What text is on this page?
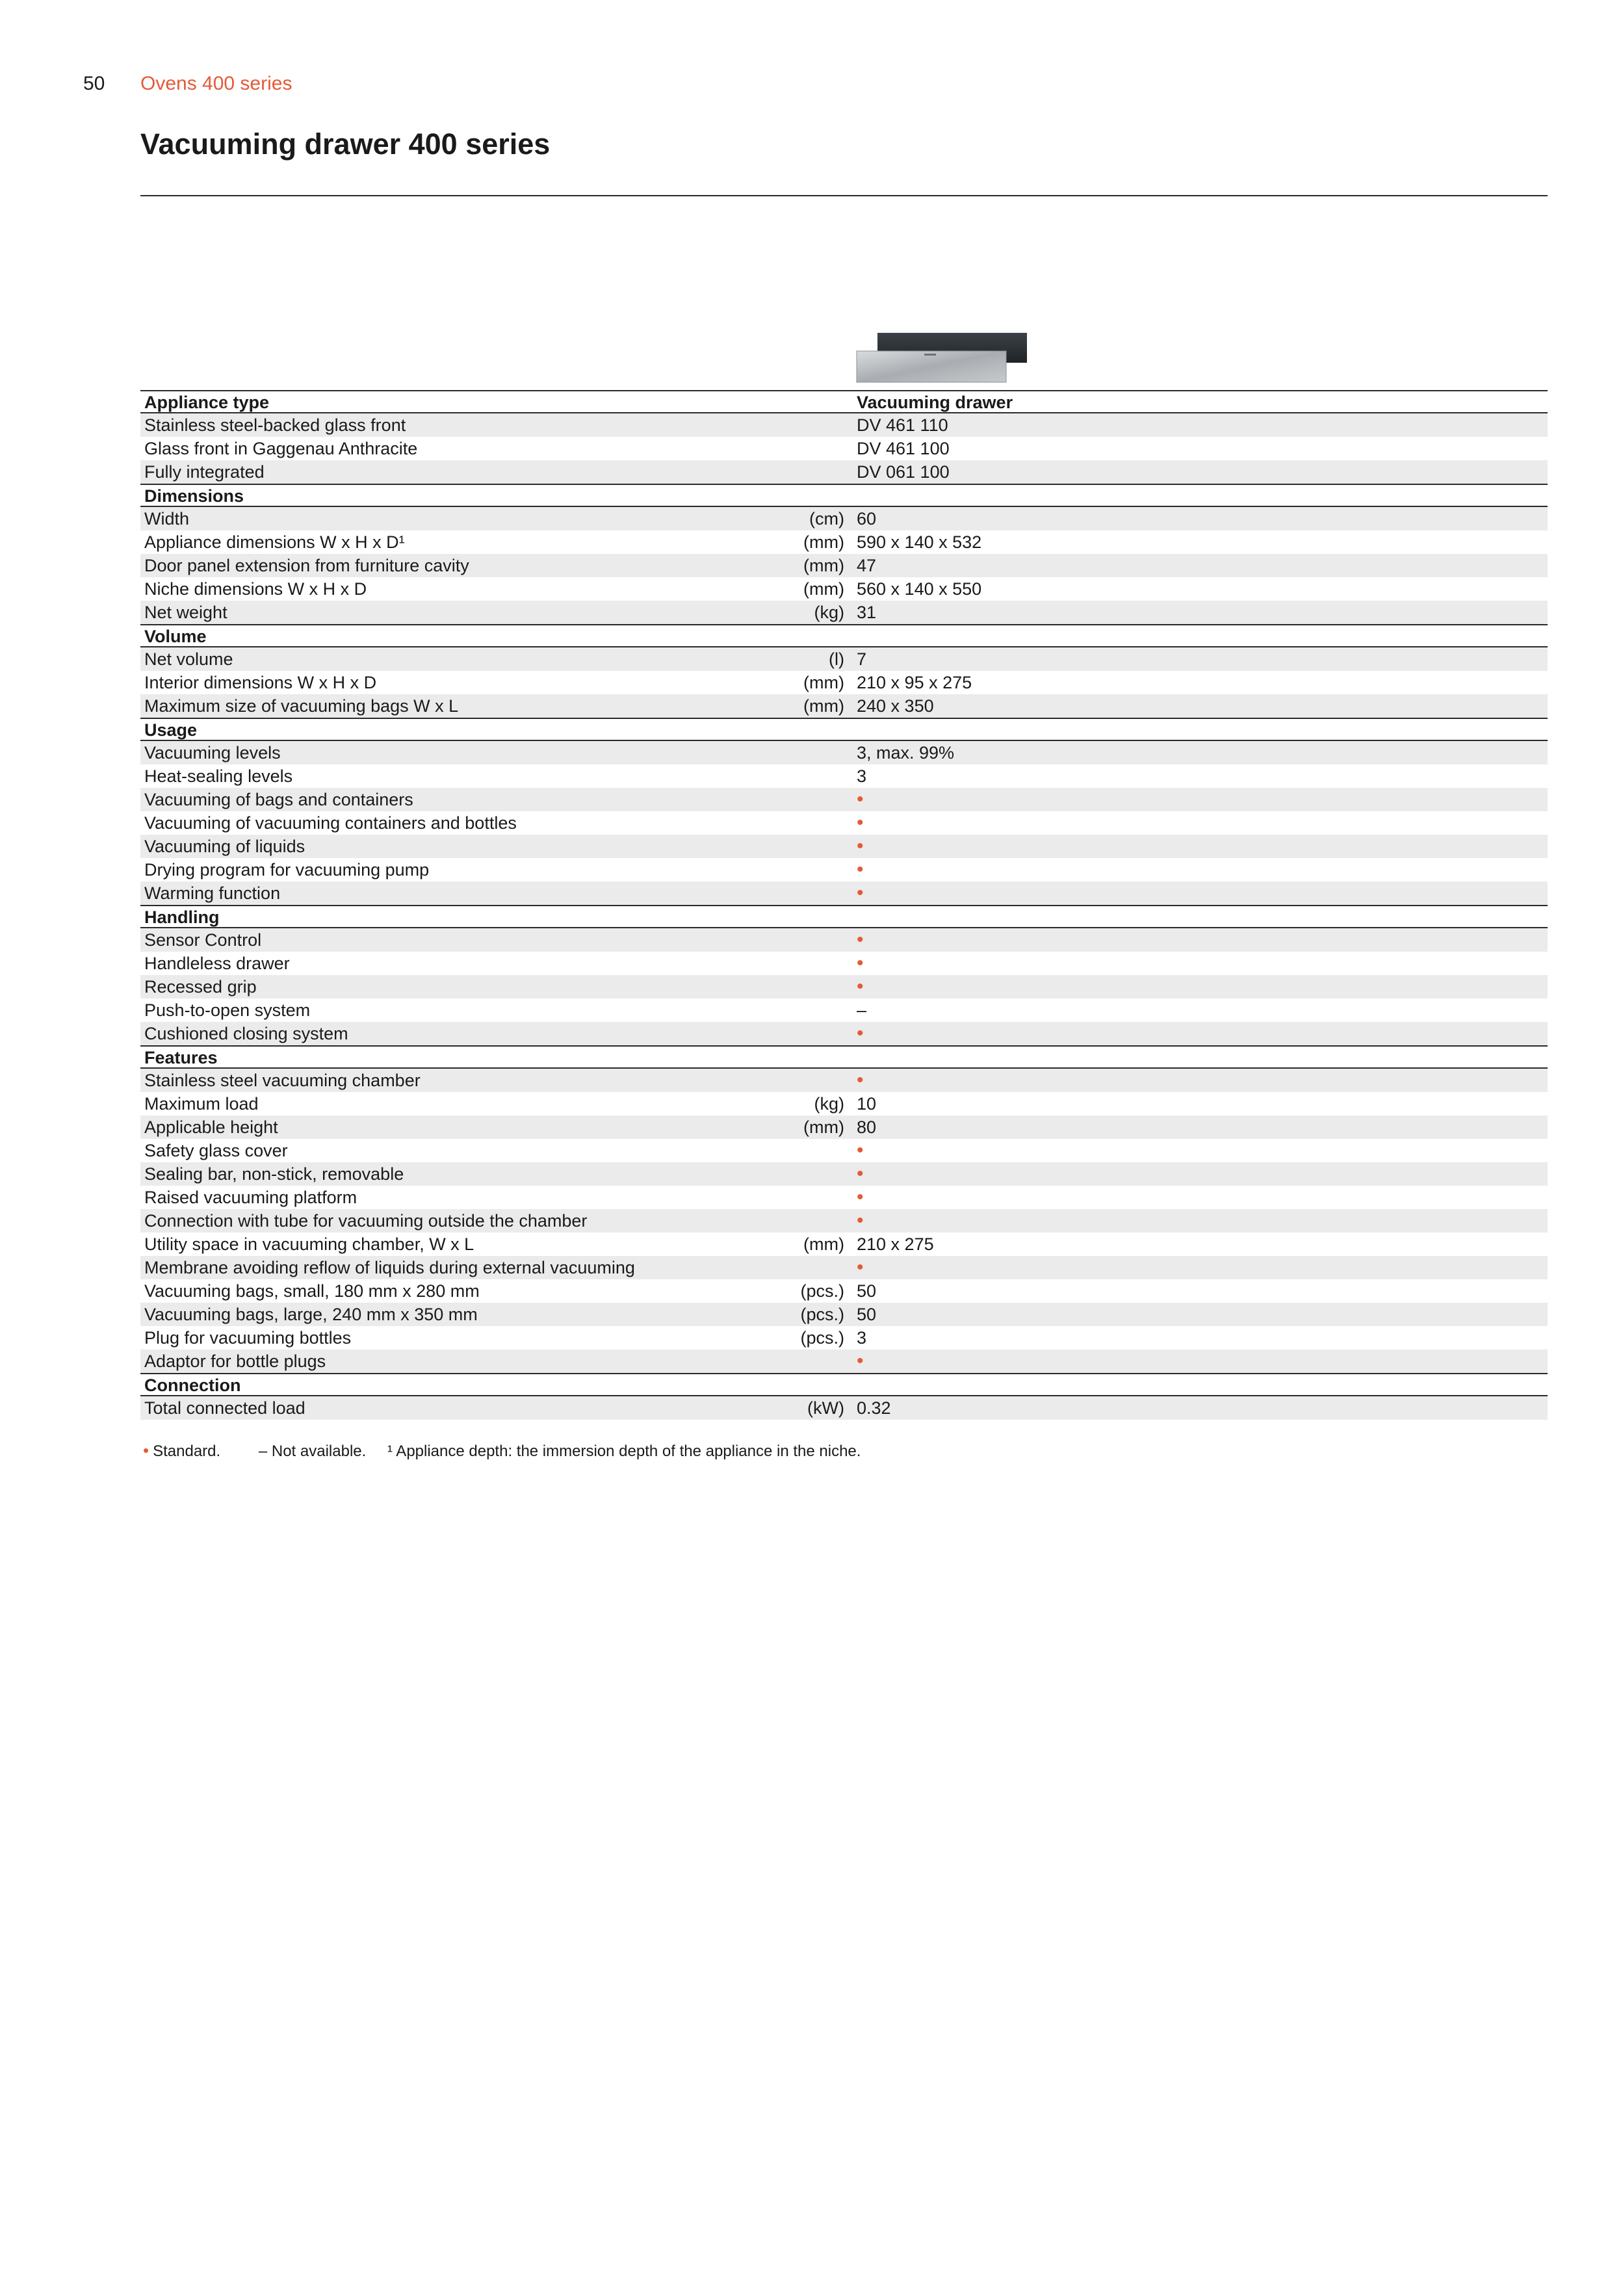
50 Ovens 400 series
Vacuuming drawer 400 series
Appliance type	Vacuuming drawer
Stainless steel-backed glass front	DV 461 110
Glass front in Gaggenau Anthracite	DV 461 100
Fully integrated	DV 061 100
Dimensions
Width	(cm) 60
Appliance dimensions W x H x D¹	(mm) 590 x 140 x 532
Door panel extension from furniture cavity	(mm) 47
Niche dimensions W x H x D	(mm) 560 x 140 x 550
Net weight	(kg) 31
Volume
Net volume	(l) 7
Interior dimensions W x H x D	(mm) 210 x 95 x 275
Maximum size of vacuuming bags W x L	(mm) 240 x 350
Usage
Vacuuming levels	3, max. 99%
Heat-sealing levels	3
Vacuuming of bags and containers	•
Vacuuming of vacuuming containers and bottles	•
Vacuuming of liquids	•
Drying program for vacuuming pump	•
Warming function	•
Handling
Sensor Control	•
Handleless drawer	•
Recessed grip	•
Push-to-open system	–
Cushioned closing system	•
Features
Stainless steel vacuuming chamber	•
Maximum load	(kg) 10
Applicable height	(mm) 80
Safety glass cover	•
Sealing bar, non-stick, removable	•
Raised vacuuming platform	•
Connection with tube for vacuuming outside the chamber	•
Utility space in vacuuming chamber, W x L	(mm) 210 x 275
Membrane avoiding reflow of liquids during external vacuuming	•
Vacuuming bags, small, 180 mm x 280 mm	(pcs.) 50
Vacuuming bags, large, 240 mm x 350 mm	(pcs.) 50
Plug for vacuuming bottles	(pcs.) 3
Adaptor for bottle plugs	•
Connection
Total connected load	(kW) 0.32
• Standard. – Not available. ¹ Appliance depth: the immersion depth of the appliance in the niche.
